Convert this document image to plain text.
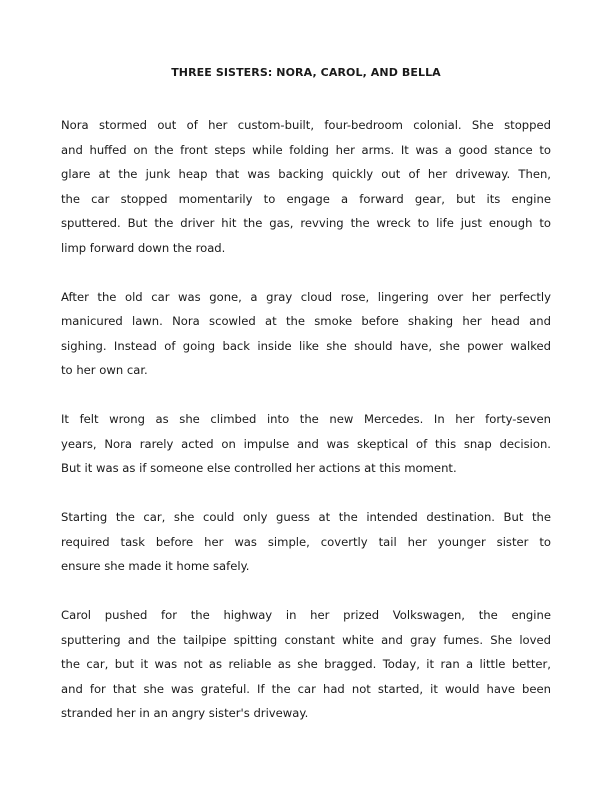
THREE SISTERS: NORA, CAROL, AND BELLA
Nora stormed out of her custom-built, four-bedroom colonial. She stopped
and huffed on the front steps while folding her arms. It was a good stance to
glare at the junk heap that was backing quickly out of her driveway. Then,
the car stopped momentarily to engage a forward gear, but its engine
sputtered. But the driver hit the gas, revving the wreck to life just enough to
limp forward down the road.
After the old car was gone, a gray cloud rose, lingering over her perfectly
manicured lawn. Nora scowled at the smoke before shaking her head and
sighing. Instead of going back inside like she should have, she power walked
to her own car.
It felt wrong as she climbed into the new Mercedes. In her forty-seven
years, Nora rarely acted on impulse and was skeptical of this snap decision.
But it was as if someone else controlled her actions at this moment.
Starting the car, she could only guess at the intended destination. But the
required task before her was simple, covertly tail her younger sister to
ensure she made it home safely.
Carol pushed for the highway in her prized Volkswagen, the engine
sputtering and the tailpipe spitting constant white and gray fumes. She loved
the car, but it was not as reliable as she bragged. Today, it ran a little better,
and for that she was grateful. If the car had not started, it would have been
stranded her in an angry sister's driveway.
